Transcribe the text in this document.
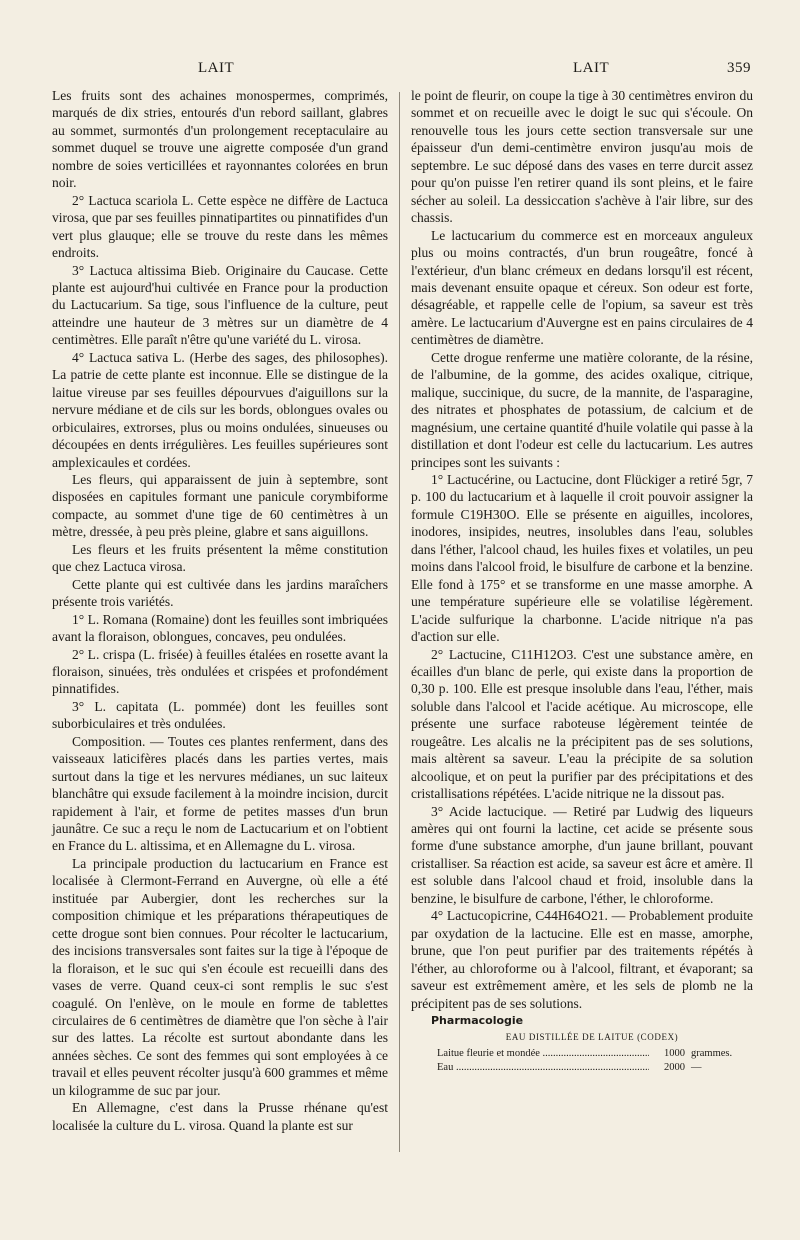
LAIT	LAIT	359

Les fruits sont des achaines monospermes, comprimés, marqués de dix stries, entourés d'un rebord saillant, glabres au sommet, surmontés d'un prolongement receptaculaire au sommet duquel se trouve une aigrette composée d'un grand nombre de soies verticillées et rayonnantes colorées en brun noir.

2° Lactuca scariola L. Cette espèce ne diffère de Lactuca virosa, que par ses feuilles pinnatipartites ou pinnatifides d'un vert plus glauque; elle se trouve du reste dans les mêmes endroits.

3° Lactuca altissima Bieb. Originaire du Caucase. Cette plante est aujourd'hui cultivée en France pour la production du Lactucarium. Sa tige, sous l'influence de la culture, peut atteindre une hauteur de 3 mètres sur un diamètre de 4 centimètres. Elle paraît n'être qu'une variété du L. virosa.

4° Lactuca sativa L. (Herbe des sages, des philosophes). La patrie de cette plante est inconnue. Elle se distingue de la laitue vireuse par ses feuilles dépourvues d'aiguillons sur la nervure médiane et de cils sur les bords, oblongues ovales ou orbiculaires, extrorses, plus ou moins ondulées, sinueuses ou découpées en dents irrégulières. Les feuilles supérieures sont amplexicaules et cordées.

Les fleurs, qui apparaissent de juin à septembre, sont disposées en capitules formant une panicule corymbiforme compacte, au sommet d'une tige de 60 centimètres à un mètre, dressée, à peu près pleine, glabre et sans aiguillons.

Les fleurs et les fruits présentent la même constitution que chez Lactuca virosa.

Cette plante qui est cultivée dans les jardins maraîchers présente trois variétés.

1° L. Romana (Romaine) dont les feuilles sont imbriquées avant la floraison, oblongues, concaves, peu ondulées.

2° L. crispa (L. frisée) à feuilles étalées en rosette avant la floraison, sinuées, très ondulées et crispées et profondément pinnatifides.

3° L. capitata (L. pommée) dont les feuilles sont suborbiculaires et très ondulées.

Composition. — Toutes ces plantes renferment, dans des vaisseaux laticifères placés dans les parties vertes, mais surtout dans la tige et les nervures médianes, un suc laiteux blanchâtre qui exsude facilement à la moindre incision, durcit rapidement à l'air, et forme de petites masses d'un brun jaunâtre. Ce suc a reçu le nom de Lactucarium et on l'obtient en France du L. altissima, et en Allemagne du L. virosa.

La principale production du lactucarium en France est localisée à Clermont-Ferrand en Auvergne, où elle a été instituée par Aubergier, dont les recherches sur la composition chimique et les préparations thérapeutiques de cette drogue sont bien connues. Pour récolter le lactucarium, des incisions transversales sont faites sur la tige à l'époque de la floraison, et le suc qui s'en écoule est recueilli dans des vases de verre. Quand ceux-ci sont remplis le suc s'est coagulé. On l'enlève, on le moule en forme de tablettes circulaires de 6 centimètres de diamètre que l'on sèche à l'air sur des lattes. La récolte est surtout abondante dans les années sèches. Ce sont des femmes qui sont employées à ce travail et elles peuvent récolter jusqu'à 600 grammes et même un kilogramme de suc par jour.

En Allemagne, c'est dans la Prusse rhénane qu'est localisée la culture du L. virosa. Quand la plante est sur

le point de fleurir, on coupe la tige à 30 centimètres environ du sommet et on recueille avec le doigt le suc qui s'écoule. On renouvelle tous les jours cette section transversale sur une épaisseur d'un demi-centimètre environ jusqu'au mois de septembre. Le suc déposé dans des vases en terre durcit assez pour qu'on puisse l'en retirer quand ils sont pleins, et le faire sécher au soleil. La dessiccation s'achève à l'air libre, sur des chassis.

Le lactucarium du commerce est en morceaux anguleux plus ou moins contractés, d'un brun rougeâtre, foncé à l'extérieur, d'un blanc crémeux en dedans lorsqu'il est récent, mais devenant ensuite opaque et céreux. Son odeur est forte, désagréable, et rappelle celle de l'opium, sa saveur est très amère. Le lactucarium d'Auvergne est en pains circulaires de 4 centimètres de diamètre.

Cette drogue renferme une matière colorante, de la résine, de l'albumine, de la gomme, des acides oxalique, citrique, malique, succinique, du sucre, de la mannite, de l'asparagine, des nitrates et phosphates de potassium, de calcium et de magnésium, une certaine quantité d'huile volatile qui passe à la distillation et dont l'odeur est celle du lactucarium. Les autres principes sont les suivants :

1° Lactucérine, ou Lactucine, dont Flückiger a retiré 5gr, 7 p. 100 du lactucarium et à laquelle il croit pouvoir assigner la formule C19H30O. Elle se présente en aiguilles, incolores, inodores, insipides, neutres, insolubles dans l'eau, solubles dans l'éther, l'alcool chaud, les huiles fixes et volatiles, un peu moins dans l'alcool froid, le bisulfure de carbone et la benzine. Elle fond à 175° et se transforme en une masse amorphe. A une température supérieure elle se volatilise légèrement. L'acide sulfurique la charbonne. L'acide nitrique n'a pas d'action sur elle.

2° Lactucine, C11H12O3. C'est une substance amère, en écailles d'un blanc de perle, qui existe dans la proportion de 0,30 p. 100. Elle est presque insoluble dans l'eau, l'éther, mais soluble dans l'alcool et l'acide acétique. Au microscope, elle présente une surface raboteuse légèrement teintée de rougeâtre. Les alcalis ne la précipitent pas de ses solutions, mais altèrent sa saveur. L'eau la précipite de sa solution alcoolique, et on peut la purifier par des précipitations et des cristallisations répétées. L'acide nitrique ne la dissout pas.

3° Acide lactucique. — Retiré par Ludwig des liqueurs amères qui ont fourni la lactine, cet acide se présente sous forme d'une substance amorphe, d'un jaune brillant, pouvant cristalliser. Sa réaction est acide, sa saveur est âcre et amère. Il est soluble dans l'alcool chaud et froid, insoluble dans la benzine, le bisulfure de carbone, l'éther, le chloroforme.

4° Lactucopicrine, C44H64O21. — Probablement produite par oxydation de la lactucine. Elle est en masse, amorphe, brune, que l'on peut purifier par des traitements répétés à l'éther, au chloroforme ou à l'alcool, filtrant, et évaporant; sa saveur est extrêmement amère, et les sels de plomb ne la précipitent pas de ses solutions.

Pharmacologie

EAU DISTILLÉE DE LAITUE (CODEX)

Laitue fleurie et mondée .....	1000 grammes.
Eau .....	2000 —
